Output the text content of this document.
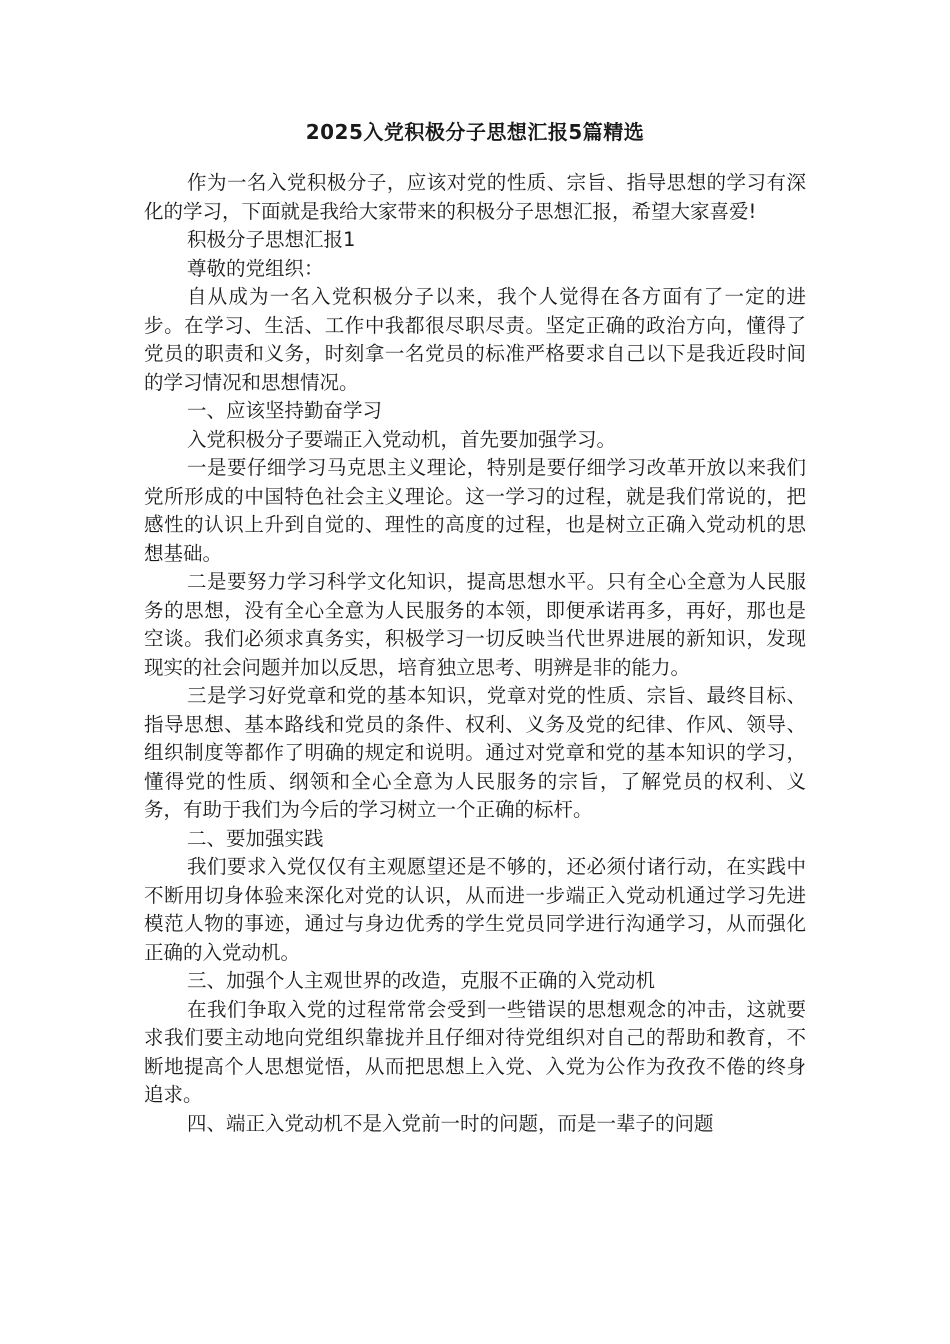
2025入党积极分子思想汇报5篇精选

作为一名入党积极分子，应该对党的性质、宗旨、指导思想的学习有深化的学习，下面就是我给大家带来的积极分子思想汇报，希望大家喜爱!

积极分子思想汇报1

尊敬的党组织：

自从成为一名入党积极分子以来，我个人觉得在各方面有了一定的进步。在学习、生活、工作中我都很尽职尽责。坚定正确的政治方向，懂得了党员的职责和义务，时刻拿一名党员的标准严格要求自己以下是我近段时间的学习情况和思想情况。

一、应该坚持勤奋学习

入党积极分子要端正入党动机，首先要加强学习。

一是要仔细学习马克思主义理论，特别是要仔细学习改革开放以来我们党所形成的中国特色社会主义理论。这一学习的过程，就是我们常说的，把感性的认识上升到自觉的、理性的高度的过程，也是树立正确入党动机的思想基础。

二是要努力学习科学文化知识，提高思想水平。只有全心全意为人民服务的思想，没有全心全意为人民服务的本领，即便承诺再多，再好，那也是空谈。我们必须求真务实，积极学习一切反映当代世界进展的新知识，发现现实的社会问题并加以反思，培育独立思考、明辨是非的能力。

三是学习好党章和党的基本知识，党章对党的性质、宗旨、最终目标、指导思想、基本路线和党员的条件、权利、义务及党的纪律、作风、领导、组织制度等都作了明确的规定和说明。通过对党章和党的基本知识的学习，懂得党的性质、纲领和全心全意为人民服务的宗旨，了解党员的权利、义务，有助于我们为今后的学习树立一个正确的标杆。

二、要加强实践

我们要求入党仅仅有主观愿望还是不够的，还必须付诸行动，在实践中不断用切身体验来深化对党的认识，从而进一步端正入党动机通过学习先进模范人物的事迹，通过与身边优秀的学生党员同学进行沟通学习，从而强化正确的入党动机。

三、加强个人主观世界的改造，克服不正确的入党动机

在我们争取入党的过程常常会受到一些错误的思想观念的冲击，这就要求我们要主动地向党组织靠拢并且仔细对待党组织对自己的帮助和教育，不断地提高个人思想觉悟，从而把思想上入党、入党为公作为孜孜不倦的终身追求。

四、端正入党动机不是入党前一时的问题，而是一辈子的问题
